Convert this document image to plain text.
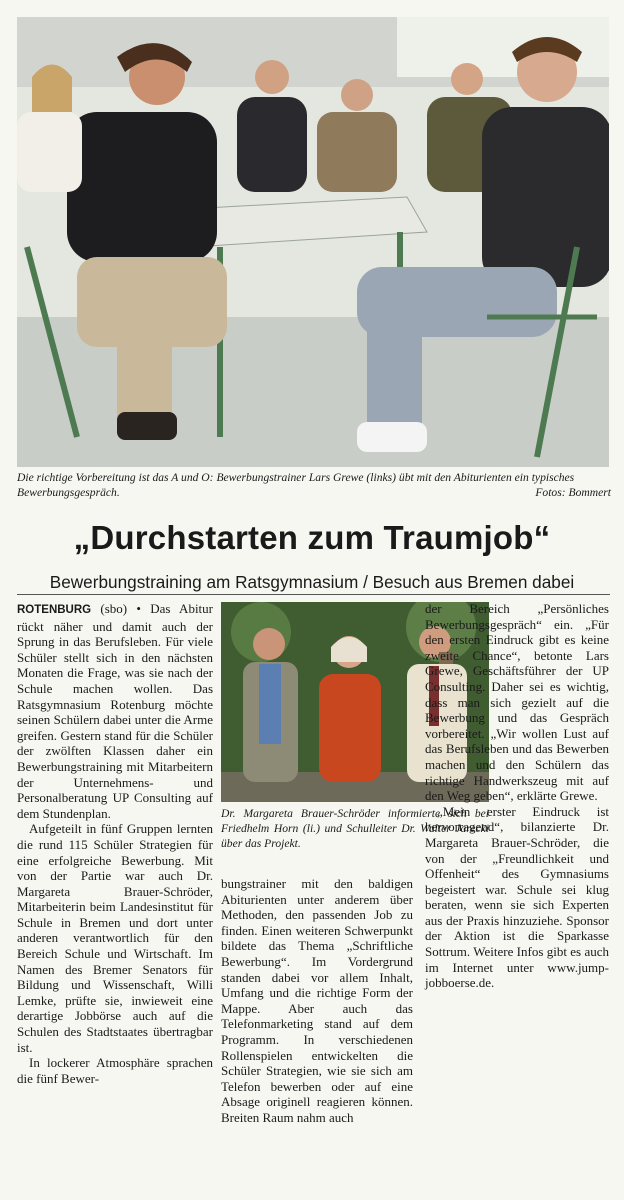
Die richtige Vorbereitung ist das A und O: Bewerbungstrainer Lars Grewe (links) übt mit den Abiturienten ein typisches Bewerbungsgespräch.	Fotos: Bommert
„Durchstarten zum Traumjob“
Bewerbungstraining am Ratsgymnasium / Besuch aus Bremen dabei

ROTENBURG (sbo) • Das Abitur rückt näher und damit auch der Sprung in das Berufsleben. Für viele Schüler stellt sich in den nächsten Monaten die Frage, was sie nach der Schule machen wollen. Das Ratsgymnasium Rotenburg möchte seinen Schülern dabei unter die Arme greifen. Gestern stand für die Schüler der zwölften Klassen daher ein Bewerbungstraining mit Mitarbeitern der Unternehmens- und Personalberatung UP Consulting auf dem Stundenplan.

Aufgeteilt in fünf Gruppen lernten die rund 115 Schüler Strategien für eine erfolgreiche Bewerbung. Mit von der Partie war auch Dr. Margareta Brauer-Schröder, Mitarbeiterin beim Landesinstitut für Schule in Bremen und dort unter anderen verantwortlich für den Bereich Schule und Wirtschaft. Im Namen des Bremer Senators für Bildung und Wissenschaft, Willi Lemke, prüfte sie, inwieweit eine derartige Jobbörse auch auf die Schulen des Stadtstaates übertragbar ist.

In lockerer Atmosphäre sprachen die fünf Bewer-

Dr. Margareta Brauer-Schröder informierte sich bei Friedhelm Horn (li.) und Schulleiter Dr. Walter Jarecki über das Projekt.

bungstrainer mit den baldigen Abiturienten unter anderem über Methoden, den passenden Job zu finden. Einen weiteren Schwerpunkt bildete das Thema „Schriftliche Bewerbung“. Im Vordergrund standen dabei vor allem Inhalt, Umfang und die richtige Form der Mappe. Aber auch das Telefonmarketing stand auf dem Programm. In verschiedenen Rollenspielen entwickelten die Schüler Strategien, wie sie sich am Telefon bewerben oder auf eine Absage originell reagieren können. Breiten Raum nahm auch

der Bereich „Persönliches Bewerbungsgespräch“ ein. „Für den ersten Eindruck gibt es keine zweite Chance“, betonte Lars Grewe, Geschäftsführer der UP Consulting. Daher sei es wichtig, dass man sich gezielt auf die Bewerbung und das Gespräch vorbereitet. „Wir wollen Lust auf das Berufsleben und das Bewerben machen und den Schülern das richtige Handwerkszeug mit auf den Weg geben“, erklärte Grewe.

„Mein erster Eindruck ist hervorragend“, bilanzierte Dr. Margareta Brauer-Schröder, die von der „Freundlichkeit und Offenheit“ des Gymnasiums begeistert war. Schule sei klug beraten, wenn sie sich Experten aus der Praxis hinzuziehe. Sponsor der Aktion ist die Sparkasse Sottrum. Weitere Infos gibt es auch im Internet unter www.jump-jobboerse.de.
